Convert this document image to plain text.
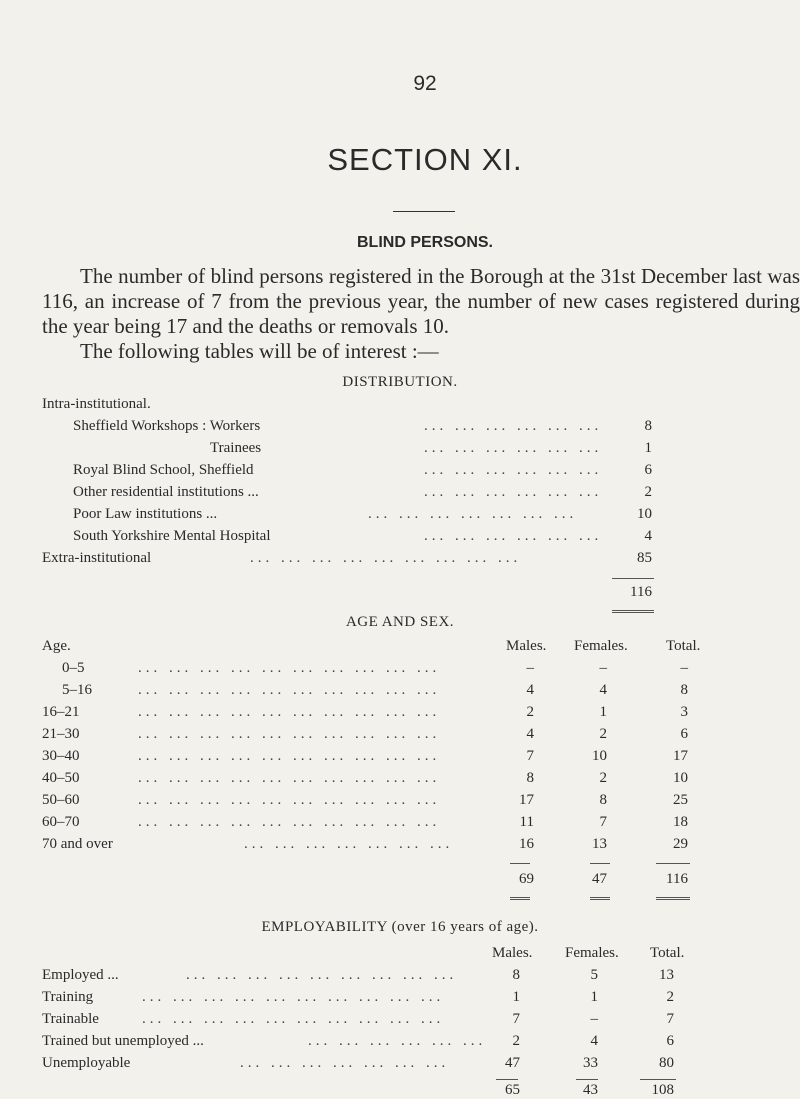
92
SECTION XI.
BLIND PERSONS.

The number of blind persons registered in the Borough at the 31st December last was 116, an increase of 7 from the previous year, the number of new cases registered during the year being 17 and the deaths or removals 10.

The following tables will be of interest :—

DISTRIBUTION.
Intra-institutional.
Sheffield Workshops : Workers	... ... ... ... ... ...	8
Trainees	... ... ... ... ... ...	1
Royal Blind School, Sheffield	... ... ... ... ... ...	6
Other residential institutions ...	... ... ... ... ... ...	2
Poor Law institutions ...	... ... ... ... ... ... ...	10
South Yorkshire Mental Hospital	... ... ... ... ... ...	4
Extra-institutional	... ... ... ... ... ... ... ... ...	85
116
AGE AND SEX.
Age.	Males. Females.	Total.
0–5	... ... ... ... ... ... ... ... ... ...	–	–	–
5–16	... ... ... ... ... ... ... ... ... ...	4	4	8
16–21	... ... ... ... ... ... ... ... ... ...	2	1	3
21–30	... ... ... ... ... ... ... ... ... ...	4	2	6
30–40	... ... ... ... ... ... ... ... ... ...	7	10	17
40–50	... ... ... ... ... ... ... ... ... ...	8	2	10
50–60	... ... ... ... ... ... ... ... ... ...	17	8	25
60–70	... ... ... ... ... ... ... ... ... ...	11	7	18
70 and over	... ... ... ... ... ... ...	16	13	29
69	47	116
EMPLOYABILITY (over 16 years of age).
Males. Females. Total.
Employed ...	... ... ... ... ... ... ... ... ...	8	5	13
Training	... ... ... ... ... ... ... ... ... ...	1	1	2
Trainable	... ... ... ... ... ... ... ... ... ...	7	–	7
Trained but unemployed ...	... ... ... ... ... ... 2	4	6
Unemployable	... ... ... ... ... ... ...	47	33	80
65	43	108
